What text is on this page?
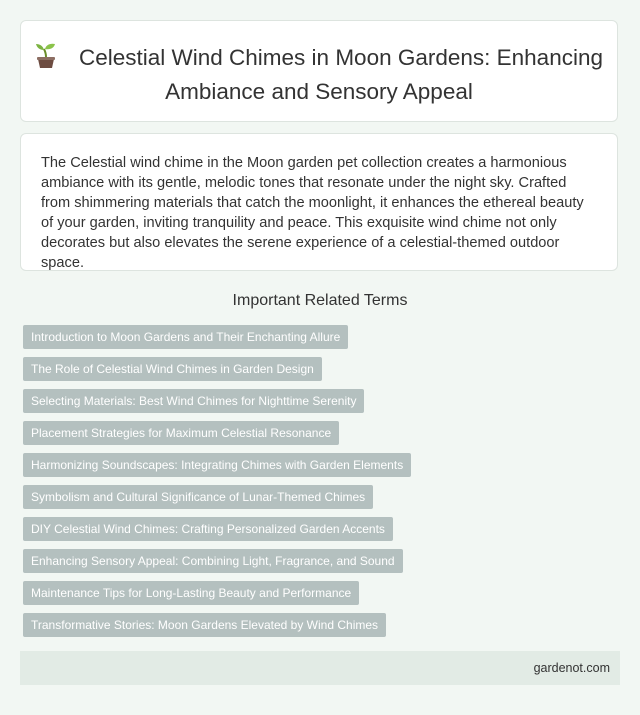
Celestial Wind Chimes in Moon Gardens: Enhancing Ambiance and Sensory Appeal

The Celestial wind chime in the Moon garden pet collection creates a harmonious ambiance with its gentle, melodic tones that resonate under the night sky. Crafted from shimmering materials that catch the moonlight, it enhances the ethereal beauty of your garden, inviting tranquility and peace. This exquisite wind chime not only decorates but also elevates the serene experience of a celestial-themed outdoor space.

Important Related Terms
Introduction to Moon Gardens and Their Enchanting Allure
The Role of Celestial Wind Chimes in Garden Design
Selecting Materials: Best Wind Chimes for Nighttime Serenity
Placement Strategies for Maximum Celestial Resonance
Harmonizing Soundscapes: Integrating Chimes with Garden Elements
Symbolism and Cultural Significance of Lunar-Themed Chimes
DIY Celestial Wind Chimes: Crafting Personalized Garden Accents
Enhancing Sensory Appeal: Combining Light, Fragrance, and Sound
Maintenance Tips for Long-Lasting Beauty and Performance
Transformative Stories: Moon Gardens Elevated by Wind Chimes
gardenot.com
